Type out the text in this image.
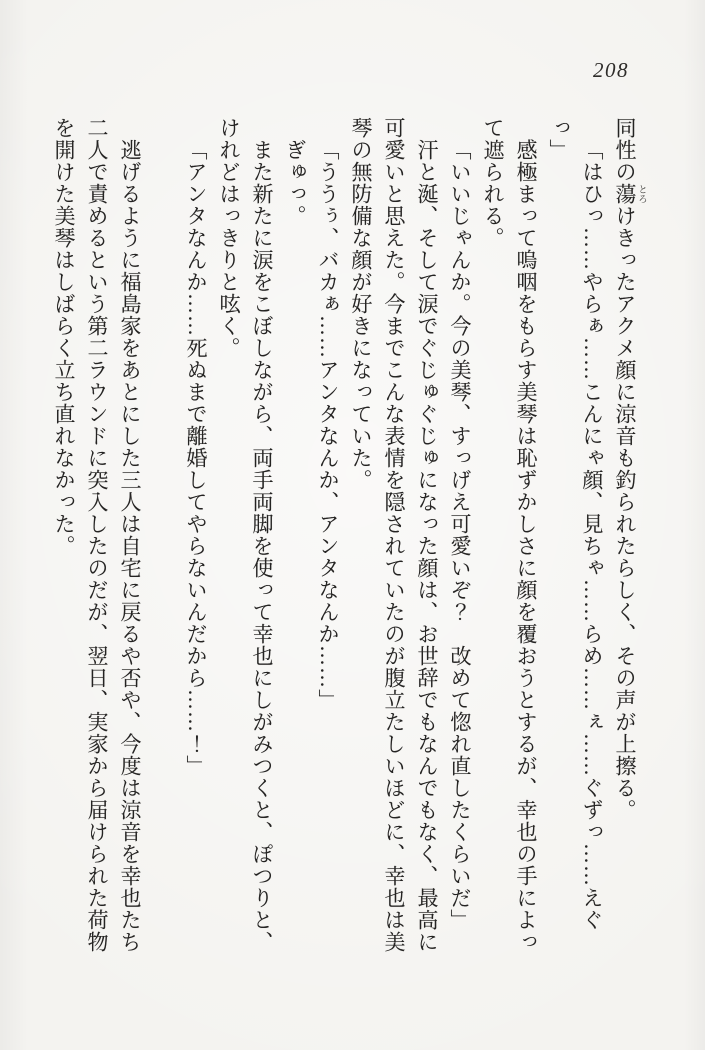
208

同性の蕩 とろけきったアクメ顔に涼音も釣られたらしく、その声が上擦る。

「はひっ……やらぁ……こんにゃ顔、見ちゃ……らめ……ぇ……ぐずっ……えぐっ」

感極まって嗚咽をもらす美琴は恥ずかしさに顔を覆おうとするが、幸也の手によっ

て遮られる。

「いいじゃんか。今の美琴、すっげえ可愛いぞ？　改めて惚れ直したくらいだ」

汗と涎、そして涙でぐじゅぐじゅになった顔は、お世辞でもなんでもなく、最高に

可愛いと思えた。今までこんな表情を隠されていたのが腹立たしいほどに、幸也は美

琴の無防備な顔が好きになっていた。

「ううぅ、バカぁ……アンタなんか、アンタなんか……」

ぎゅっ。

また新たに涙をこぼしながら、両手両脚を使って幸也にしがみつくと、ぽつりと、

けれどはっきりと呟く。

「アンタなんか……死ぬまで離婚してやらないんだから……！」

逃げるように福島家をあとにした三人は自宅に戻るや否や、今度は涼音を幸也たち

二人で責めるという第二ラウンドに突入したのだが、翌日、実家から届けられた荷物

を開けた美琴はしばらく立ち直れなかった。
